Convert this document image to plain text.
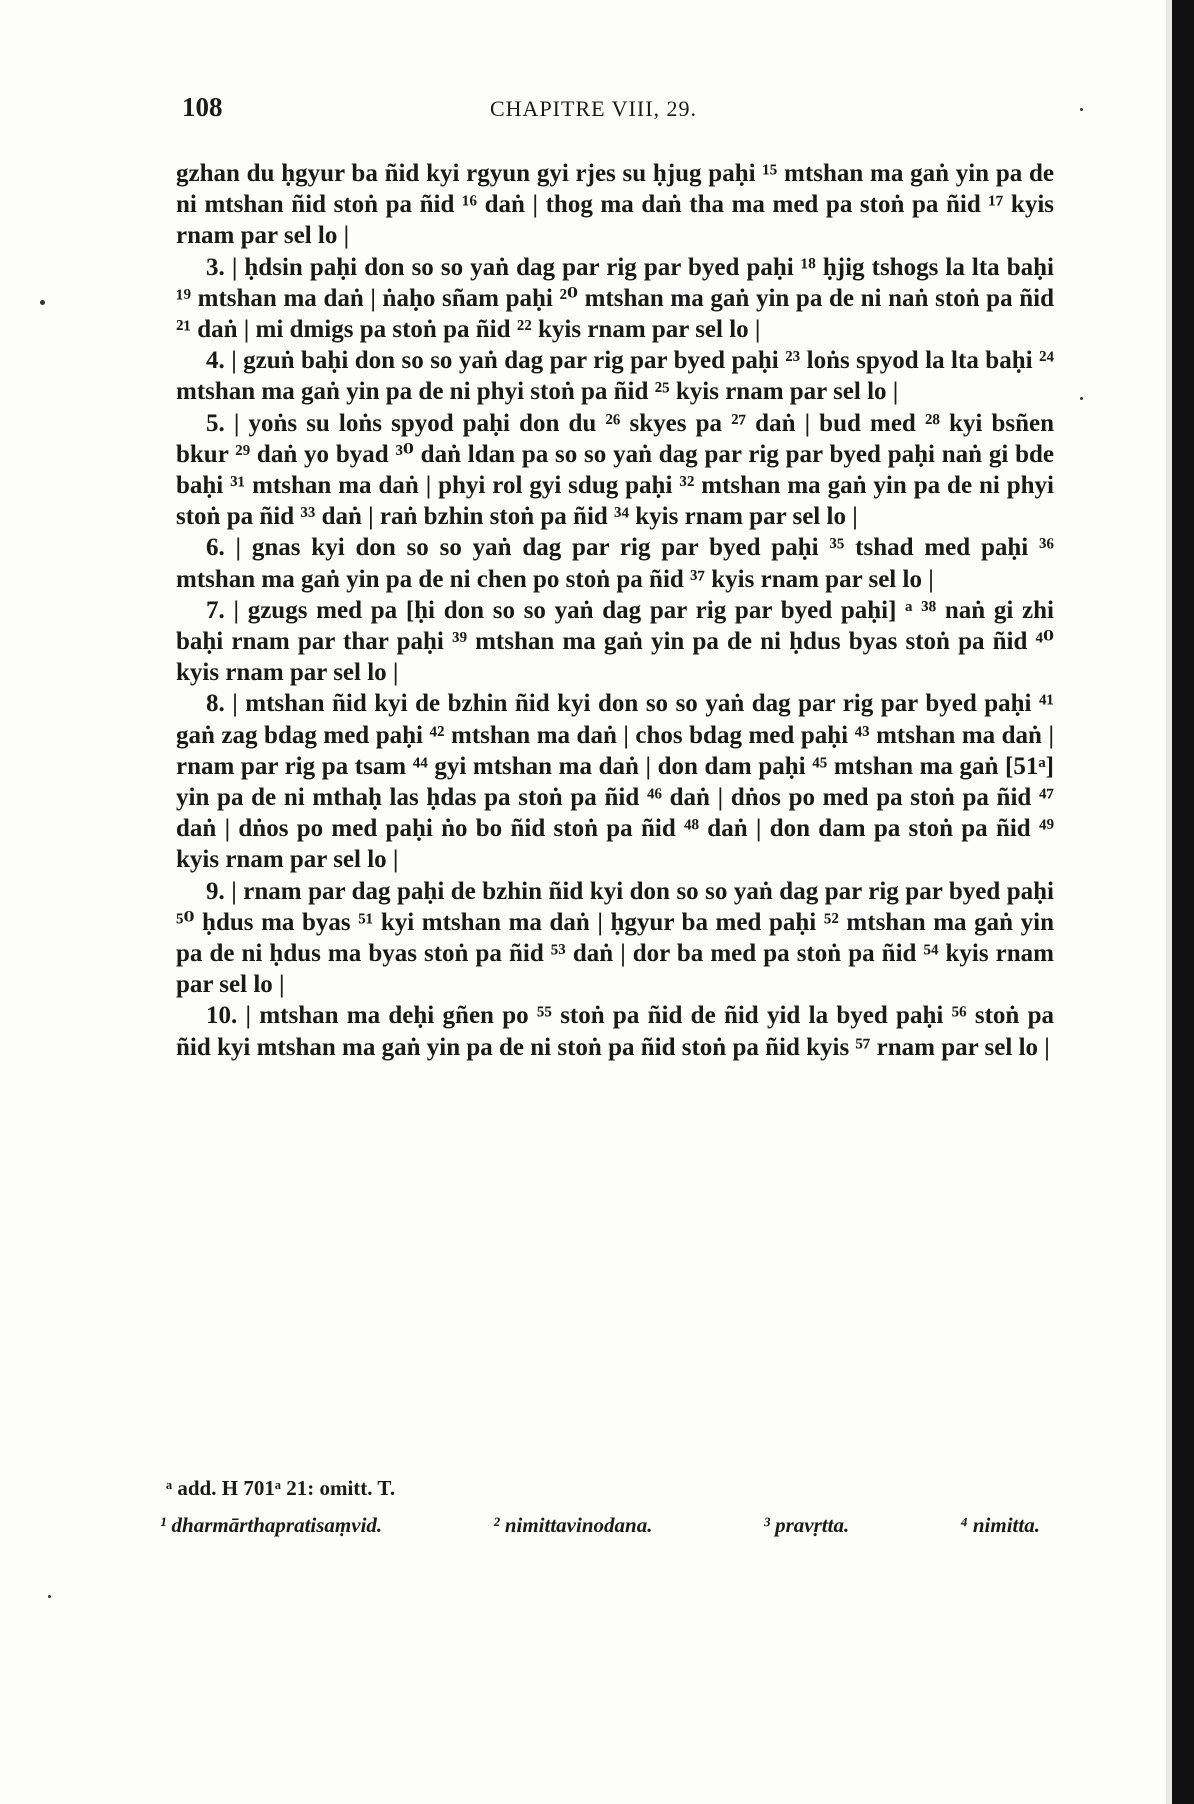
108	CHAPITRE VIII, 29.

gzhan du ḥgyur ba ñid kyi rgyun gyi rjes su ḥjug paḥi ¹⁵ mtshan ma gaṅ yin pa de ni mtshan ñid stoṅ pa ñid ¹⁶ daṅ | thog ma daṅ tha ma med pa stoṅ pa ñid ¹⁷ kyis rnam par sel lo |

3. | ḥdsin paḥi don so so yaṅ dag par rig par byed paḥi ¹⁸ ḥjig tshogs la lta baḥi ¹⁹ mtshan ma daṅ | ṅaḥo sñam paḥi ²⁰ mtshan ma gaṅ yin pa de ni naṅ stoṅ pa ñid ²¹ daṅ | mi dmigs pa stoṅ pa ñid ²² kyis rnam par sel lo |

4. | gzuṅ baḥi don so so yaṅ dag par rig par byed paḥi ²³ loṅs spyod la lta baḥi ²⁴ mtshan ma gaṅ yin pa de ni phyi stoṅ pa ñid ²⁵ kyis rnam par sel lo |

5. | yoṅs su loṅs spyod paḥi don du ²⁶ skyes pa ²⁷ daṅ | bud med ²⁸ kyi bsñen bkur ²⁹ daṅ yo byad ³⁰ daṅ ldan pa so so yaṅ dag par rig par byed paḥi naṅ gi bde baḥi ³¹ mtshan ma daṅ | phyi rol gyi sdug paḥi ³² mtshan ma gaṅ yin pa de ni phyi stoṅ pa ñid ³³ daṅ | raṅ bzhin stoṅ pa ñid ³⁴ kyis rnam par sel lo |

6. | gnas kyi don so so yaṅ dag par rig par byed paḥi ³⁵ tshad med paḥi ³⁶ mtshan ma gaṅ yin pa de ni chen po stoṅ pa ñid ³⁷ kyis rnam par sel lo |

7. | gzugs med pa [ḥi don so so yaṅ dag par rig par byed paḥi] ᵃ ³⁸ naṅ gi zhi baḥi rnam par thar paḥi ³⁹ mtshan ma gaṅ yin pa de ni ḥdus byas stoṅ pa ñid ⁴⁰ kyis rnam par sel lo |

8. | mtshan ñid kyi de bzhin ñid kyi don so so yaṅ dag par rig par byed paḥi ⁴¹ gaṅ zag bdag med paḥi ⁴² mtshan ma daṅ | chos bdag med paḥi ⁴³ mtshan ma daṅ | rnam par rig pa tsam ⁴⁴ gyi mtshan ma daṅ | don dam paḥi ⁴⁵ mtshan ma gaṅ [51ᵃ] yin pa de ni mthaḥ las ḥdas pa stoṅ pa ñid ⁴⁶ daṅ | dṅos po med pa stoṅ pa ñid ⁴⁷ daṅ | dṅos po med paḥi ṅo bo ñid stoṅ pa ñid ⁴⁸ daṅ | don dam pa stoṅ pa ñid ⁴⁹ kyis rnam par sel lo |

9. | rnam par dag paḥi de bzhin ñid kyi don so so yaṅ dag par rig par byed paḥi ⁵⁰ ḥdus ma byas ⁵¹ kyi mtshan ma daṅ | ḥgyur ba med paḥi ⁵² mtshan ma gaṅ yin pa de ni ḥdus ma byas stoṅ pa ñid ⁵³ daṅ | dor ba med pa stoṅ pa ñid ⁵⁴ kyis rnam par sel lo |

10. | mtshan ma deḥi gñen po ⁵⁵ stoṅ pa ñid de ñid yid la byed paḥi ⁵⁶ stoṅ pa ñid kyi mtshan ma gaṅ yin pa de ni stoṅ pa ñid stoṅ pa ñid kyis ⁵⁷ rnam par sel lo |

ᵃ add. H 701ᵃ 21: omitt. T.

¹ dharmārthapratisaṃvid.	² nimittavinodana.	³ pravṛtta.	⁴ nimitta.
